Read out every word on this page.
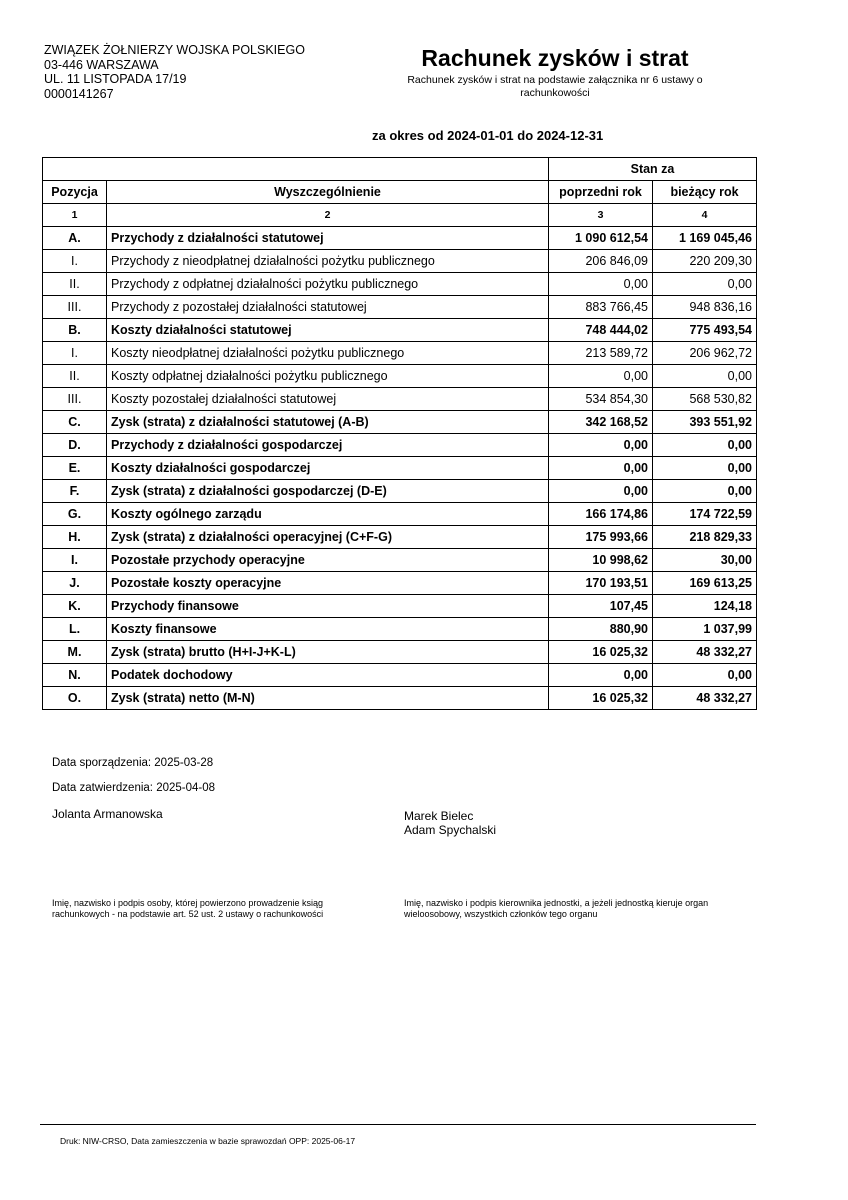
ZWIĄZEK ŻOŁNIERZY WOJSKA POLSKIEGO
03-446 WARSZAWA
UL. 11 LISTOPADA 17/19
0000141267
Rachunek zysków i strat
Rachunek zysków i strat na podstawie załącznika nr 6 ustawy o rachunkowości
za okres od 2024-01-01 do 2024-12-31
		Stan za	
Pozycja	Wyszczególnienie	poprzedni rok	bieżący rok
1	2	3	4
A.	Przychody z działalności statutowej	1 090 612,54	1 169 045,46
I.	Przychody z nieodpłatnej działalności pożytku publicznego	206 846,09	220 209,30
II.	Przychody z odpłatnej działalności pożytku publicznego	0,00	0,00
III.	Przychody z pozostałej działalności statutowej	883 766,45	948 836,16
B.	Koszty działalności statutowej	748 444,02	775 493,54
I.	Koszty nieodpłatnej działalności pożytku publicznego	213 589,72	206 962,72
II.	Koszty odpłatnej działalności pożytku publicznego	0,00	0,00
III.	Koszty pozostałej działalności statutowej	534 854,30	568 530,82
C.	Zysk (strata) z działalności statutowej (A-B)	342 168,52	393 551,92
D.	Przychody z działalności gospodarczej	0,00	0,00
E.	Koszty działalności gospodarczej	0,00	0,00
F.	Zysk (strata) z działalności gospodarczej (D-E)	0,00	0,00
G.	Koszty ogólnego zarządu	166 174,86	174 722,59
H.	Zysk (strata) z działalności operacyjnej (C+F-G)	175 993,66	218 829,33
I.	Pozostałe przychody operacyjne	10 998,62	30,00
J.	Pozostałe koszty operacyjne	170 193,51	169 613,25
K.	Przychody finansowe	107,45	124,18
L.	Koszty finansowe	880,90	1 037,99
M.	Zysk (strata) brutto (H+I-J+K-L)	16 025,32	48 332,27
N.	Podatek dochodowy	0,00	0,00
O.	Zysk (strata) netto (M-N)	16 025,32	48 332,27
Data sporządzenia: 2025-03-28
Data zatwierdzenia: 2025-04-08
Jolanta Armanowska	Marek Bielec
Adam Spychalski
Imię, nazwisko i podpis osoby, której powierzono prowadzenie ksiąg rachunkowych - na podstawie art. 52 ust. 2 ustawy o rachunkowości
Imię, nazwisko i podpis kierownika jednostki, a jeżeli jednostką kieruje organ wieloosobowy, wszystkich członków tego organu
Druk: NIW-CRSO, Data zamieszczenia w bazie sprawozdań OPP: 2025-06-17
